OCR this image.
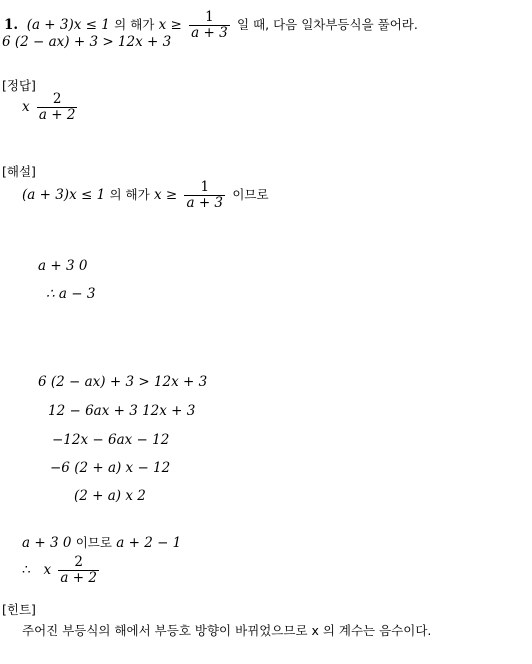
1. (a + 3)x ≤ 1 의 해가 $x \ge \frac{1}{a + 3}$ 일 때, 다음 일차부등식을 풀어라.
6 (2 − ax) + 3 > 12x + 3
[정답]
x $\frac{2}{a + 2}$
[해설]
(a + 3)x ≤ 1 의 해가 $x \ge \frac{1}{a + 3}$ 이므로
a + 3 0
∴ a − 3
6 (2 − ax) + 3 > 12x + 3
12 − 6ax + 3 12x + 3
−12x − 6ax − 12
−6 (2 + a) x − 12
(2 + a) x 2
a + 3 0 이므로 a + 2 − 1
∴ x $\frac{2}{a + 2}$
[힌트]
주어진 부등식의 해에서 부등호 방향이 바뀌었으므로 x 의 계수는 음수이다.
